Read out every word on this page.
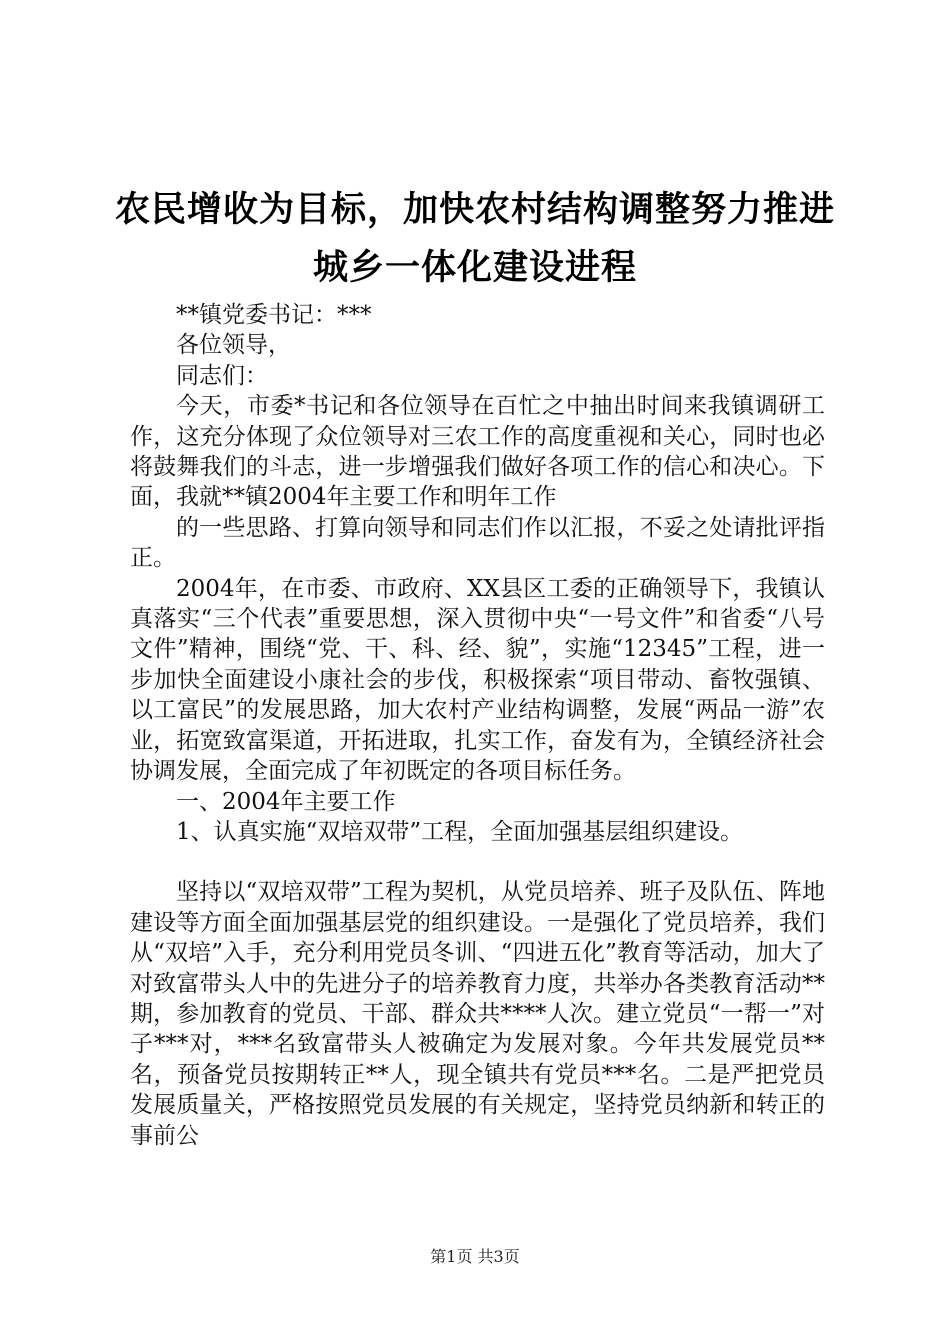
农民增收为目标，加快农村结构调整努力推进
城乡一体化建设进程

**镇党委书记：***

各位领导，

同志们：

今天，市委*书记和各位领导在百忙之中抽出时间来我镇调研工作，这充分体现了众位领导对三农工作的高度重视和关心，同时也必将鼓舞我们的斗志，进一步增强我们做好各项工作的信心和决心。下面，我就**镇2004年主要工作和明年工作

的一些思路、打算向领导和同志们作以汇报，不妥之处请批评指正。

2004年，在市委、市政府、XX县区工委的正确领导下，我镇认真落实“三个代表”重要思想，深入贯彻中央“一号文件”和省委“八号文件”精神，围绕“党、干、科、经、貌”，实施“12345”工程，进一步加快全面建设小康社会的步伐，积极探索“项目带动、畜牧强镇、以工富民”的发展思路，加大农村产业结构调整，发展“两品一游”农业，拓宽致富渠道，开拓进取，扎实工作，奋发有为，全镇经济社会协调发展，全面完成了年初既定的各项目标任务。

一、2004年主要工作

1、认真实施“双培双带”工程，全面加强基层组织建设。

坚持以“双培双带”工程为契机，从党员培养、班子及队伍、阵地建设等方面全面加强基层党的组织建设。一是强化了党员培养，我们从“双培”入手，充分利用党员冬训、“四进五化”教育等活动，加大了对致富带头人中的先进分子的培养教育力度，共举办各类教育活动**期，参加教育的党员、干部、群众共****人次。建立党员“一帮一”对子***对，***名致富带头人被确定为发展对象。今年共发展党员**名，预备党员按期转正**人，现全镇共有党员***名。二是严把党员发展质量关，严格按照党员发展的有关规定，坚持党员纳新和转正的事前公

第1页 共3页
